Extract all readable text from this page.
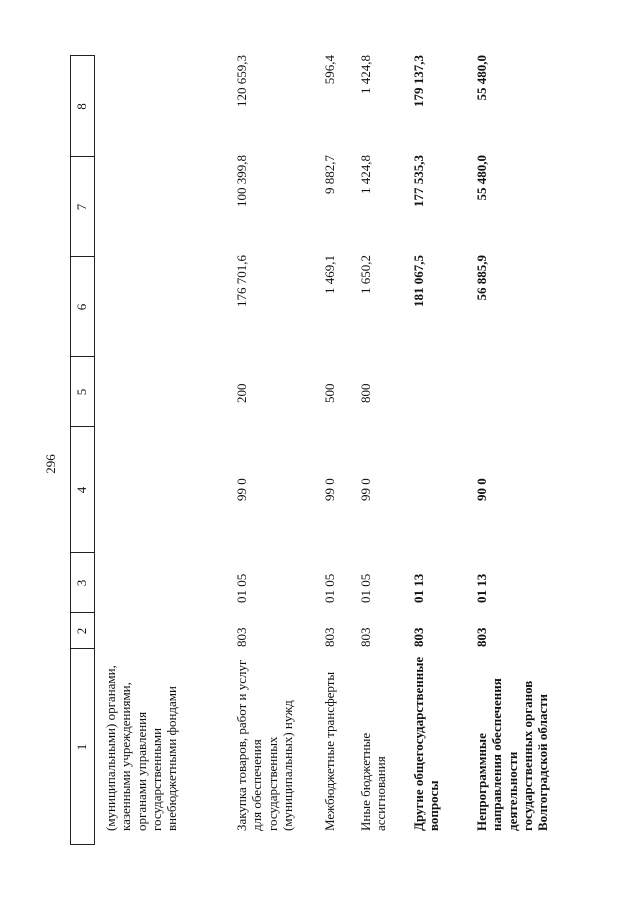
296
1
2
3
4
5
6
7
8
(муниципальными) органами, казенными учреждениями, органами управления государственными внебюджетными фондами	Закупка товаров, работ и услуг для обеспечения государственных (муниципальных) нужд
803
01 05
99 0
200
176 701,6
100 399,8
120 659,3
Межбюджетные трансферты
803
01 05
99 0
500
1 469,1
9 882,7
596,4
Иные бюджетные ассигнования
803
01 05
99 0
800
1 650,2
1 424,8
1 424,8
Другие общегосударственные вопросы
803
01 13
181 067,5
177 535,3
179 137,3
Непрограммные направления обеспечения деятельности государственных органов Волгоградской области
803
01 13
90 0
56 885,9
55 480,0
55 480,0
